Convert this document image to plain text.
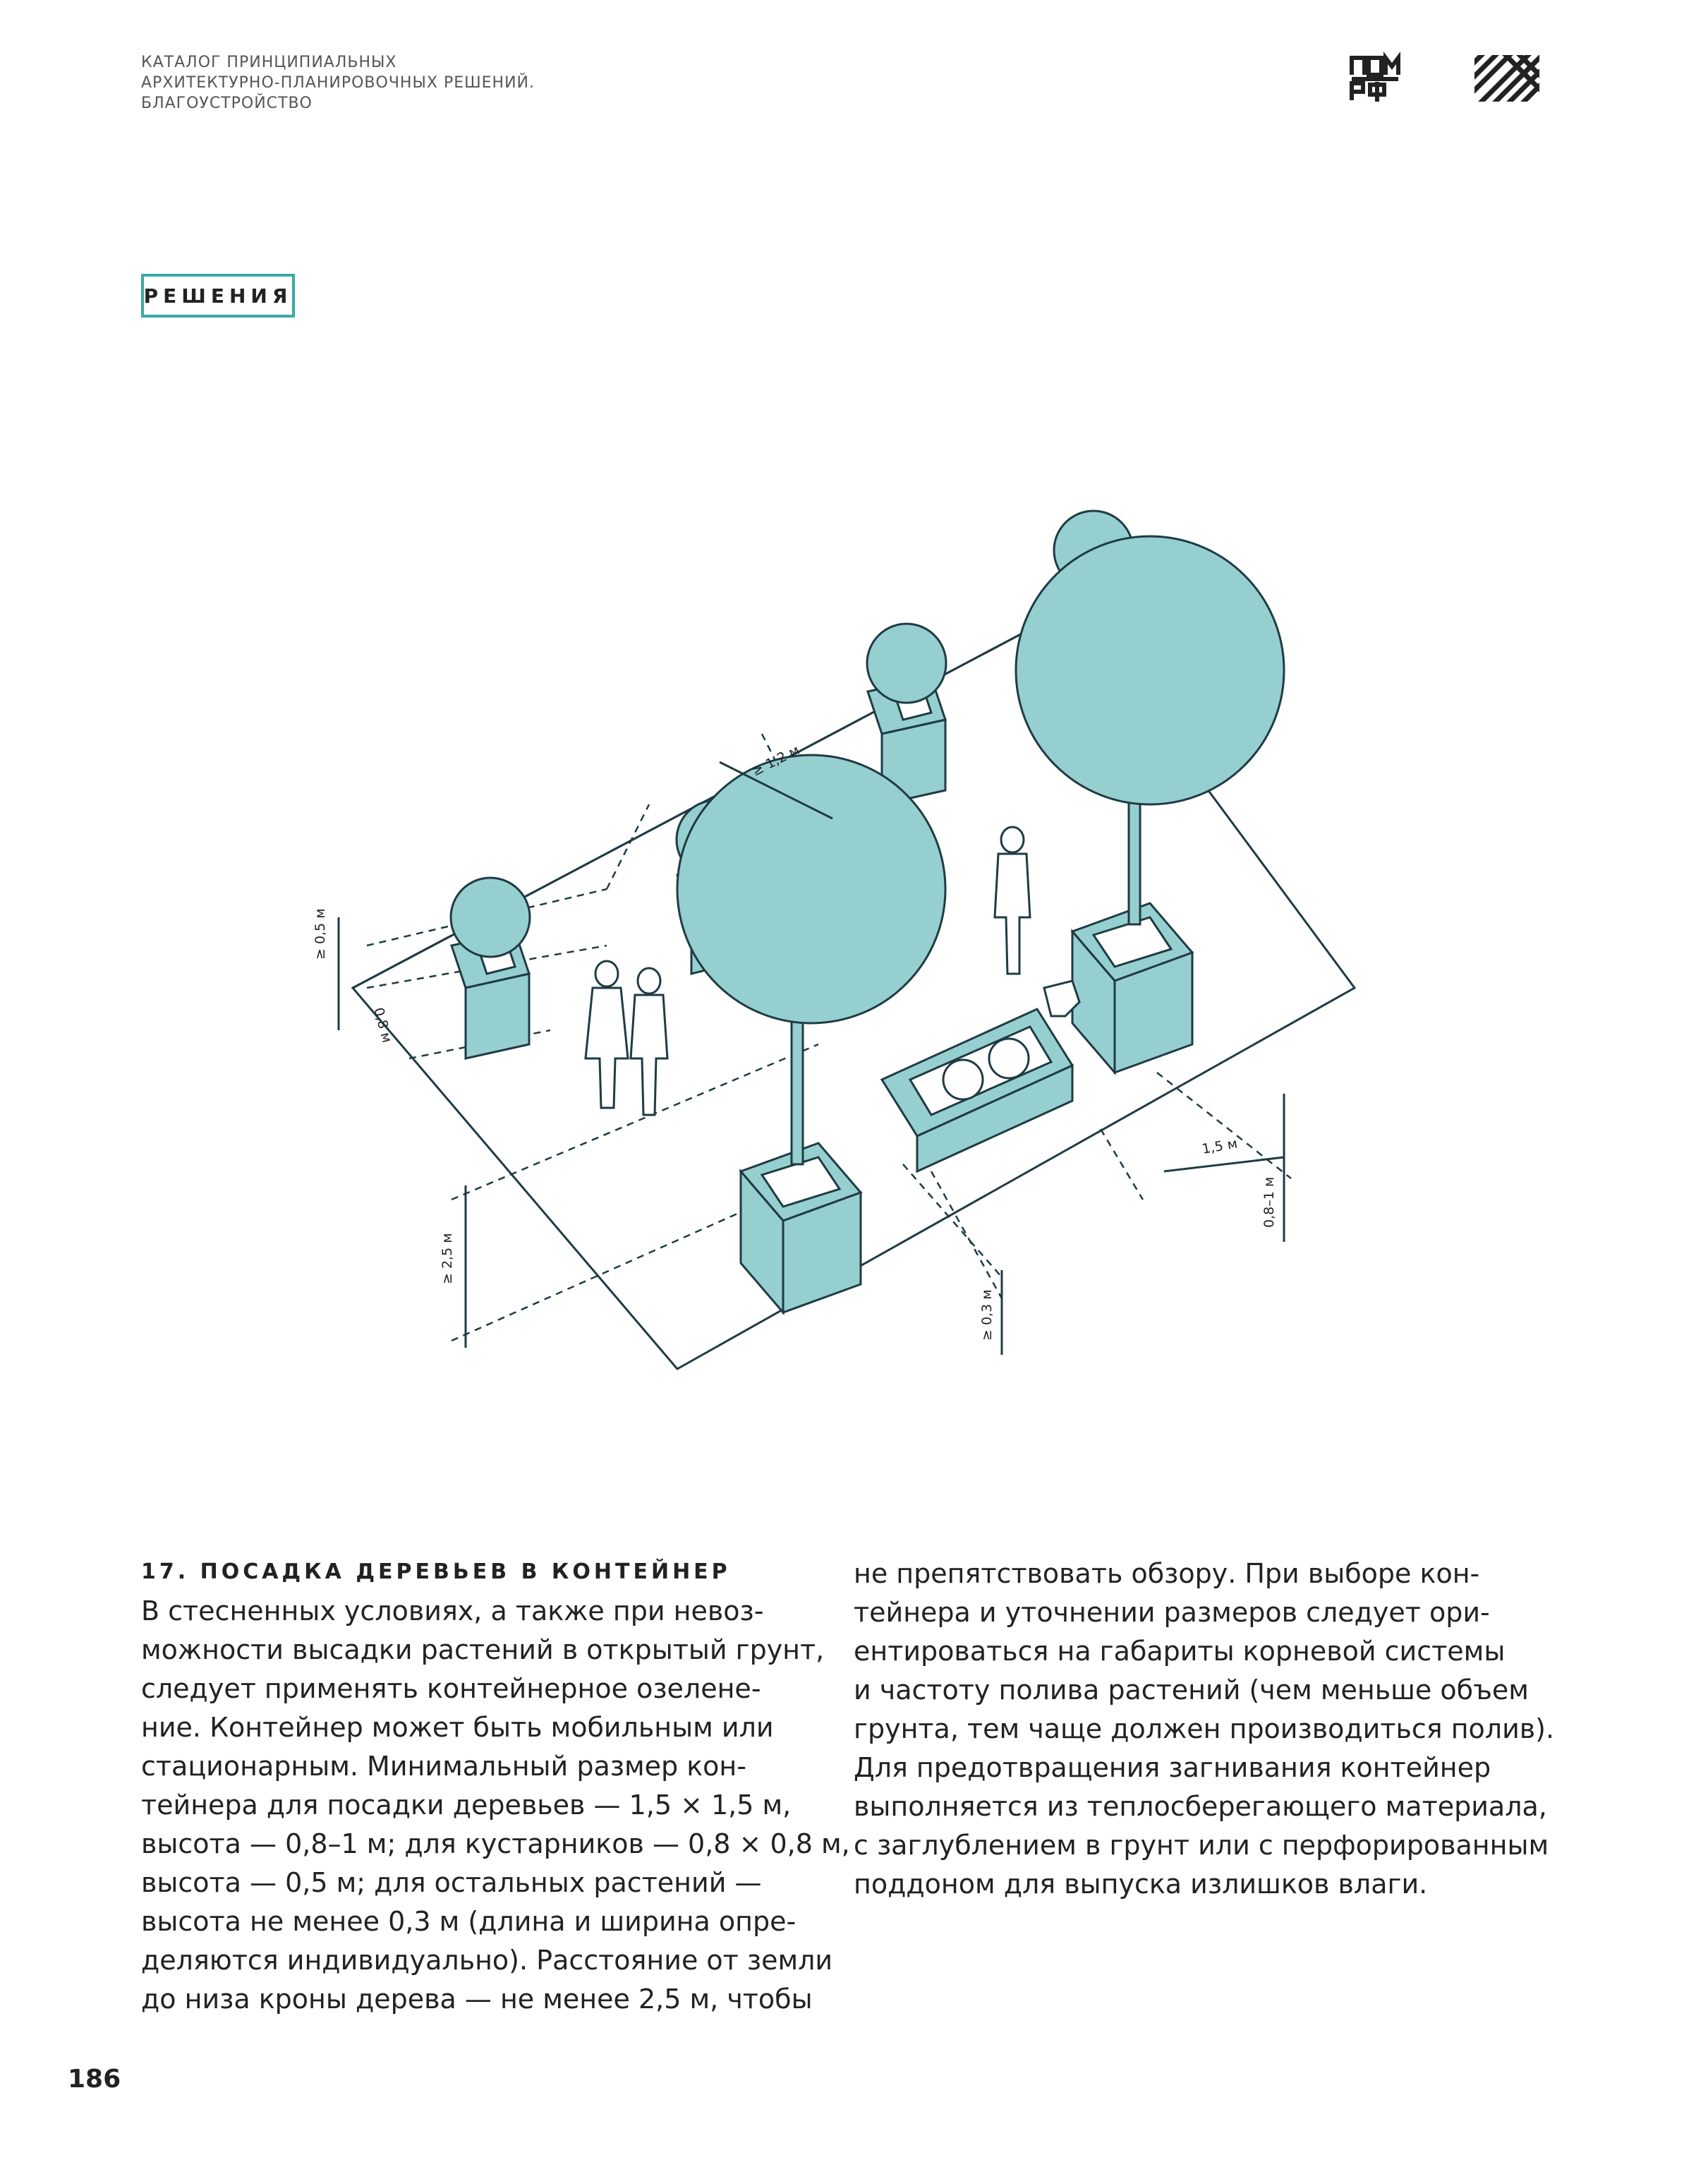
КАТАЛОГ ПРИНЦИПИАЛЬНЫХ
АРХИТЕКТУРНО-ПЛАНИРОВОЧНЫХ РЕШЕНИЙ.
БЛАГОУСТРОЙСТВО
РЕШЕНИЯ
≥ 1,2 м
≥ 0,5 м
0,8 м
≥ 2,5 м
1,5 м
0,8–1 м
≥ 0,3 м
17. ПОСАДКА ДЕРЕВЬЕВ В КОНТЕЙНЕР
В стесненных условиях, а также при невоз-
можности высадки растений в открытый грунт,
следует применять контейнерное озелене-
ние. Контейнер может быть мобильным или
стационарным. Минимальный размер кон-
тейнера для посадки деревьев — 1,5 × 1,5 м,
высота — 0,8–1 м; для кустарников — 0,8 × 0,8 м,
высота — 0,5 м; для остальных растений —
высота не менее 0,3 м (длина и ширина опре-
деляются индивидуально). Расстояние от земли
до низа кроны дерева — не менее 2,5 м, чтобы
не препятствовать обзору. При выборе кон-
тейнера и уточнении размеров следует ори-
ентироваться на габариты корневой системы
и частоту полива растений (чем меньше объем
грунта, тем чаще должен производиться полив).
Для предотвращения загнивания контейнер
выполняется из теплосберегающего материала,
с заглублением в грунт или с перфорированным
поддоном для выпуска излишков влаги.
186
